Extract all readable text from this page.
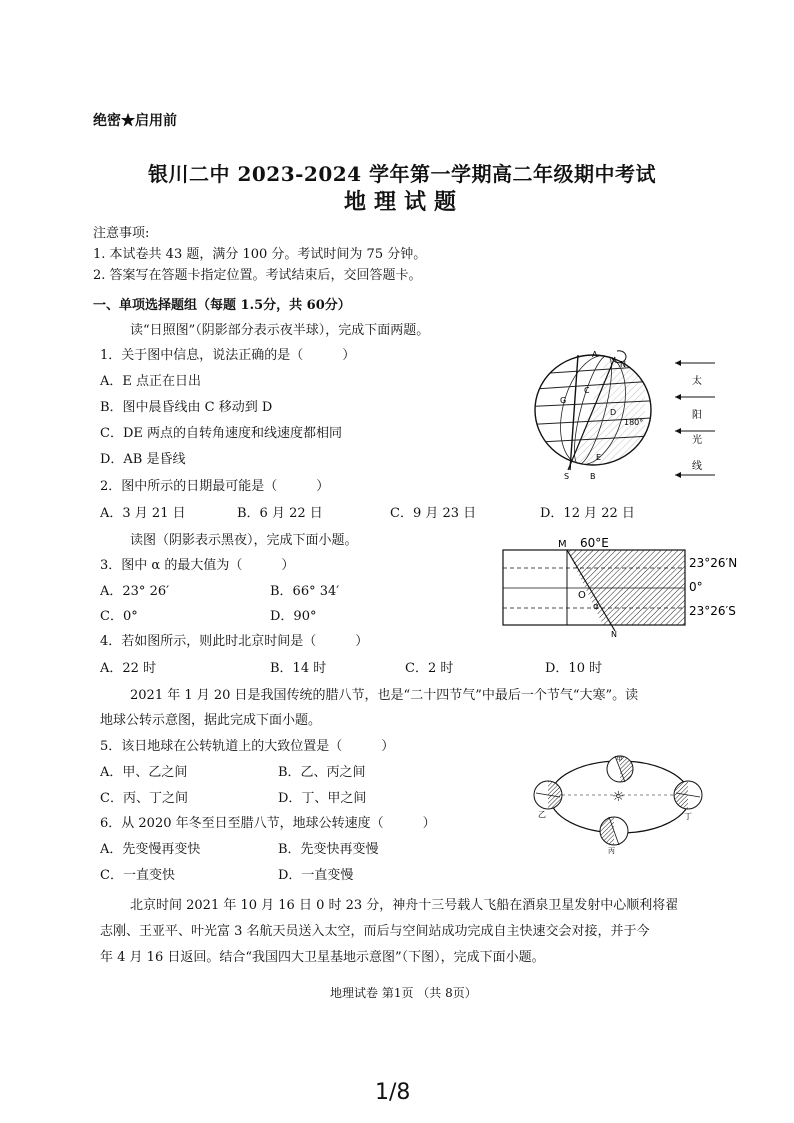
绝密★启用前
银川二中 2023-2024 学年第一学期高二年级期中考试
地理试题
注意事项:
1. 本试卷共 43 题，满分 100 分。考试时间为 75 分钟。
2. 答案写在答题卡指定位置。考试结束后，交回答题卡。
一、单项选择题组（每题 1.5分，共 60分）
读“日照图”（阴影部分表示夜半球），完成下面两题。
1．关于图中信息，说法正确的是（　　　）
A．E 点正在日出
B．图中晨昏线由 C 移动到 D
C．DE 两点的自转角速度和线速度都相同
D．AB 是昏线
2．图中所示的日期最可能是（　　　）
A．3 月 21 日	B．6 月 22 日	C．9 月 23 日	D．12 月 22 日
A
N
C
G
D
E
S	B
180°
太
阳
光
线
读图（阴影表示黑夜），完成下面小题。
3．图中 α 的最大值为（　　　）
A．23° 26′	B．66° 34′
C．0°	D．90°
4．若如图所示，则此时北京时间是（　　　）
A．22 时	B．14 时	C．2 时	D．10 时
M 60°E
23°26′N
0°
23°26′S
O
α
N
2021 年 1 月 20 日是我国传统的腊八节，也是“二十四节气”中最后一个节气“大寒”。读
地球公转示意图，据此完成下面小题。
5．该日地球在公转轨道上的大致位置是（　　　）
A．甲、乙之间	B．乙、丙之间
C．丙、丁之间	D．丁、甲之间
6．从 2020 年冬至日至腊八节，地球公转速度（　　　）
A．先变慢再变快	B．先变快再变慢
C．一直变快	D．一直变慢
☼
甲
乙
丙
丁
北京时间 2021 年 10 月 16 日 0 时 23 分，神舟十三号载人飞船在酒泉卫星发射中心顺利将翟
志刚、王亚平、叶光富 3 名航天员送入太空，而后与空间站成功完成自主快速交会对接，并于今
年 4 月 16 日返回。结合“我国四大卫星基地示意图”（下图），完成下面小题。
地理试卷 第1页 （共 8页）
1/8
